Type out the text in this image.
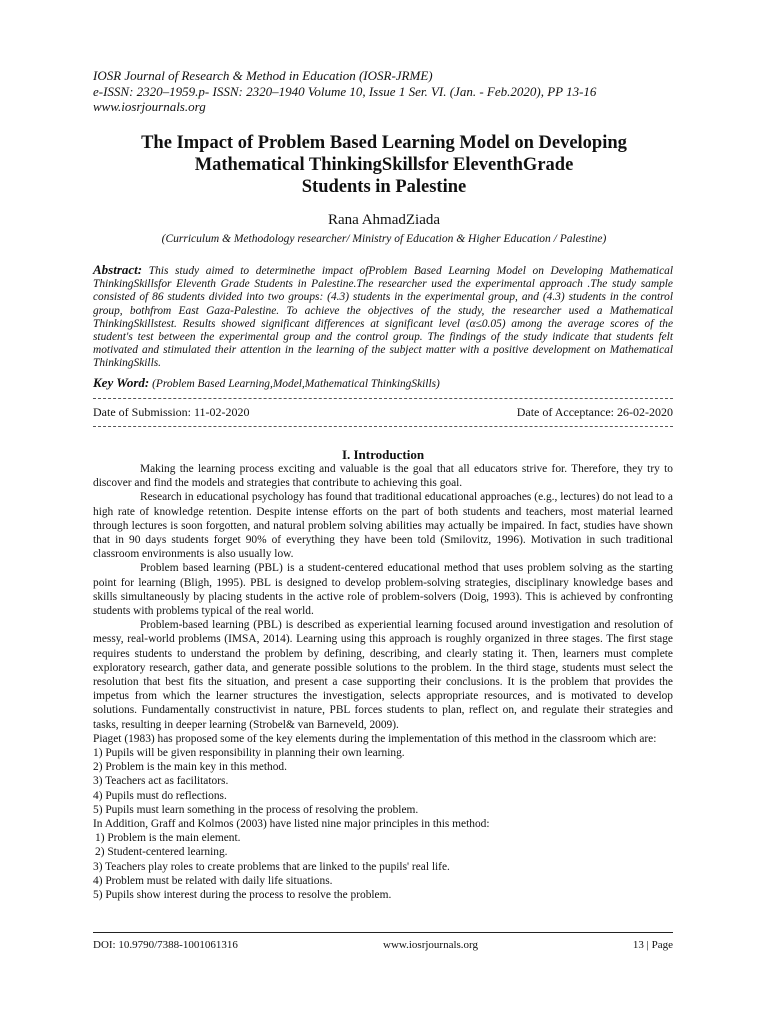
IOSR Journal of Research & Method in Education (IOSR-JRME)
e-ISSN: 2320–1959.p- ISSN: 2320–1940 Volume 10, Issue 1 Ser. VI. (Jan. - Feb.2020), PP 13-16
www.iosrjournals.org
The Impact of Problem Based Learning Model on Developing
Mathematical ThinkingSkillsfor EleventhGrade
Students in Palestine
Rana AhmadZiada
(Curriculum & Methodology researcher/ Ministry of Education & Higher Education / Palestine)
Abstract: This study aimed to determinethe impact ofProblem Based Learning Model on Developing Mathematical ThinkingSkillsfor Eleventh Grade Students in Palestine.The researcher used the experimental approach .The study sample consisted of 86 students divided into two groups: (4.3) students in the experimental group, and (4.3) students in the control group, bothfrom East Gaza-Palestine. To achieve the objectives of the study, the researcher used a Mathematical ThinkingSkillstest. Results showed significant differences at significant level (α≤0.05) among the average scores of the student's test between the experimental group and the control group. The findings of the study indicate that students felt motivated and stimulated their attention in the learning of the subject matter with a positive development on Mathematical ThinkingSkills.
Key Word: (Problem Based Learning,Model,Mathematical ThinkingSkills)
Date of Submission: 11-02-2020	Date of Acceptance: 26-02-2020
I. Introduction

Making the learning process exciting and valuable is the goal that all educators strive for. Therefore, they try to discover and find the models and strategies that contribute to achieving this goal.

Research in educational psychology has found that traditional educational approaches (e.g., lectures) do not lead to a high rate of knowledge retention. Despite intense efforts on the part of both students and teachers, most material learned through lectures is soon forgotten, and natural problem solving abilities may actually be impaired. In fact, studies have shown that in 90 days students forget 90% of everything they have been told (Smilovitz, 1996). Motivation in such traditional classroom environments is also usually low.

Problem based learning (PBL) is a student-centered educational method that uses problem solving as the starting point for learning (Bligh, 1995). PBL is designed to develop problem-solving strategies, disciplinary knowledge bases and skills simultaneously by placing students in the active role of problem-solvers (Doig, 1993). This is achieved by confronting students with problems typical of the real world.

Problem-based learning (PBL) is described as experiential learning focused around investigation and resolution of messy, real-world problems (IMSA, 2014). Learning using this approach is roughly organized in three stages. The first stage requires students to understand the problem by defining, describing, and clearly stating it. Then, learners must complete exploratory research, gather data, and generate possible solutions to the problem. In the third stage, students must select the resolution that best fits the situation, and present a case supporting their conclusions. It is the problem that provides the impetus from which the learner structures the investigation, selects appropriate resources, and is motivated to develop solutions. Fundamentally constructivist in nature, PBL forces students to plan, reflect on, and regulate their strategies and tasks, resulting in deeper learning (Strobel& van Barneveld, 2009).

Piaget (1983) has proposed some of the key elements during the implementation of this method in the classroom which are:

1) Pupils will be given responsibility in planning their own learning.
2) Problem is the main key in this method.
3) Teachers act as facilitators.
4) Pupils must do reflections.
5) Pupils must learn something in the process of resolving the problem.
In Addition, Graff and Kolmos (2003) have listed nine major principles in this method:
1) Problem is the main element.
2) Student-centered learning.
3) Teachers play roles to create problems that are linked to the pupils' real life.
4) Problem must be related with daily life situations.
5) Pupils show interest during the process to resolve the problem.
DOI: 10.9790/7388-1001061316	www.iosrjournals.org	13 | Page
